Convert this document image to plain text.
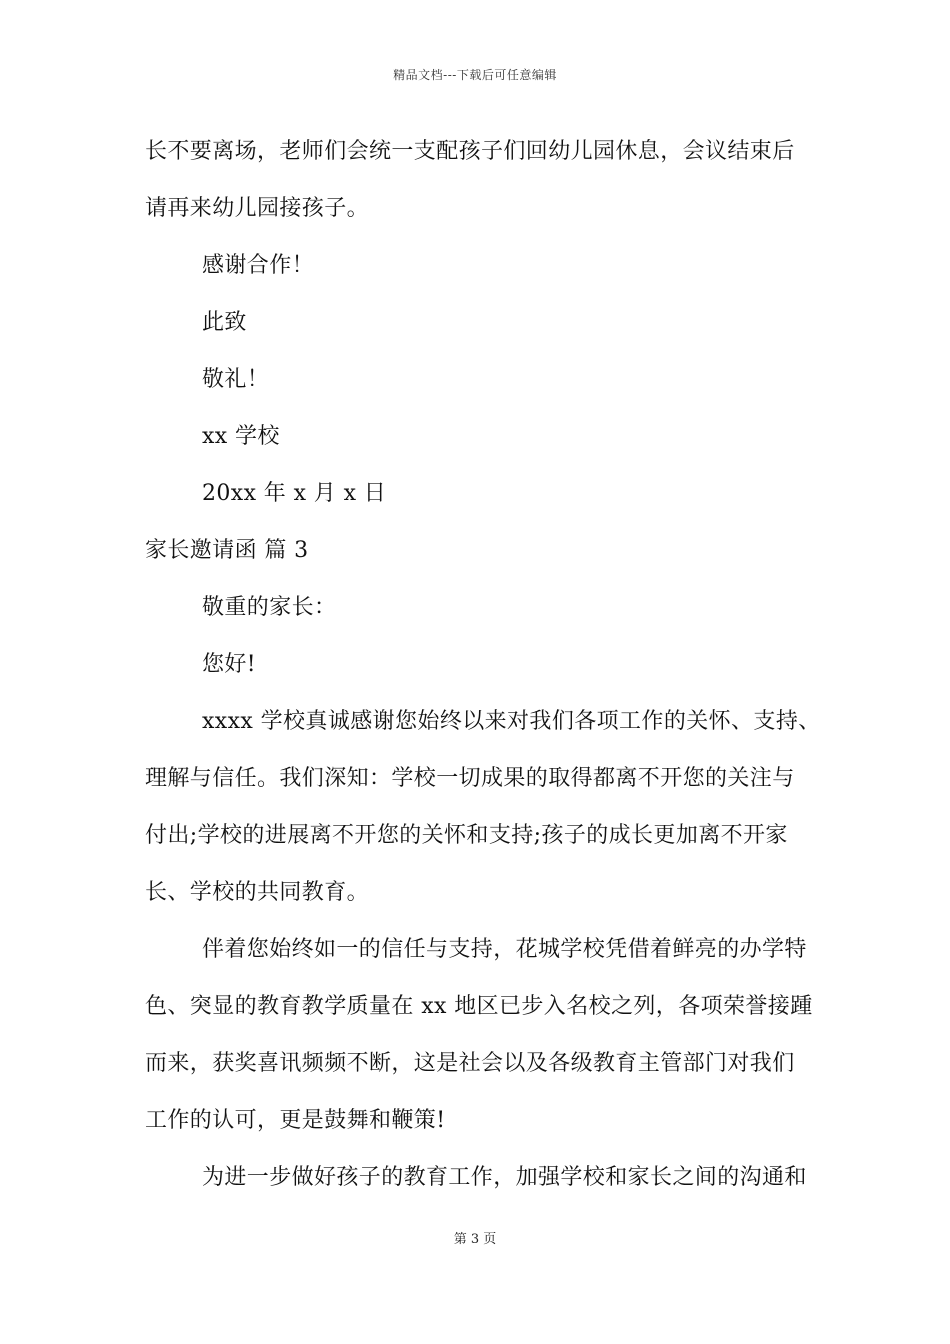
精品文档---下载后可任意编辑
长不要离场，老师们会统一支配孩子们回幼儿园休息，会议结束后
请再来幼儿园接孩子。
感谢合作！
此致
敬礼！
xx 学校
20xx 年 x 月 x 日
家长邀请函 篇 3
敬重的家长：
您好!
xxxx 学校真诚感谢您始终以来对我们各项工作的关怀、支持、
理解与信任。我们深知：学校一切成果的取得都离不开您的关注与
付出;学校的进展离不开您的关怀和支持;孩子的成长更加离不开家
长、学校的共同教育。
伴着您始终如一的信任与支持，花城学校凭借着鲜亮的办学特
色、突显的教育教学质量在 xx 地区已步入名校之列，各项荣誉接踵
而来，获奖喜讯频频不断，这是社会以及各级教育主管部门对我们
工作的认可，更是鼓舞和鞭策!
为进一步做好孩子的教育工作，加强学校和家长之间的沟通和
第 3 页
